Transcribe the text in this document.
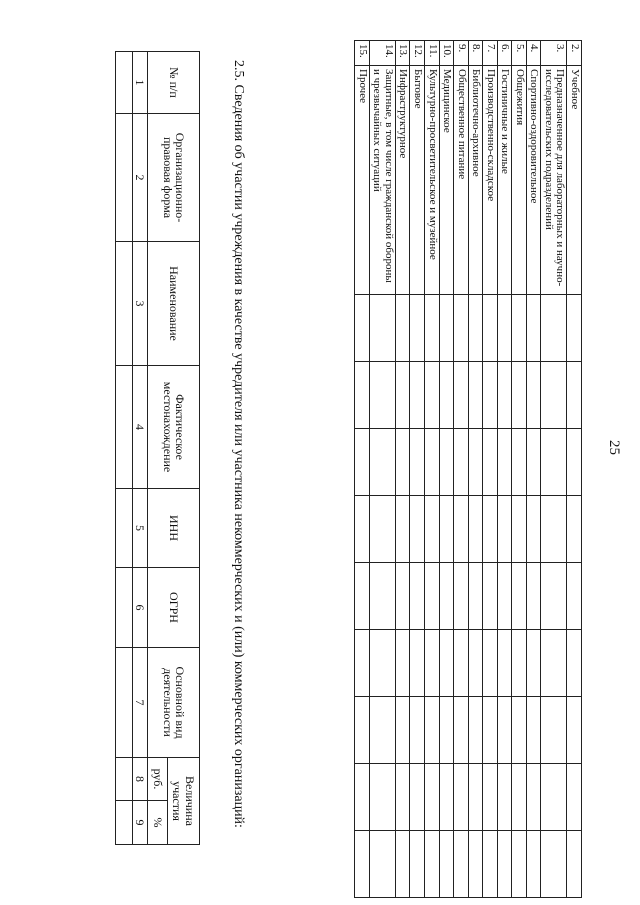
25
2.	Учебное									
3.	Предназначенное для лабораторных и научно-исследовательских подразделений									
4.	Спортивно-оздоровительное									
5.	Общежития									
6.	Гостиничные и жилые									
7.	Производственно-складское									
8.	Библиотечно-архивное									
9.	Общественное питание									
10.	Медицинское									
11.	Культурно-просветительское и музейное									
12.	Бытовое									
13.	Инфраструктурное									
14.	Защитные, в том числе гражданской обороны и чрезвычайных ситуаций									
15.	Прочее									
2.5. Сведения об участии учреждения в качестве учредителя или участника некоммерческих и (или) коммерческих организаций:
№ п/п	Организационно-правовая форма	Наименование	Фактическое местонахождение	ИНН	ОГРН	Основной вид деятельности	Величина участия	
							руб.	%
1	2	3	4	5	6	7	8	9
